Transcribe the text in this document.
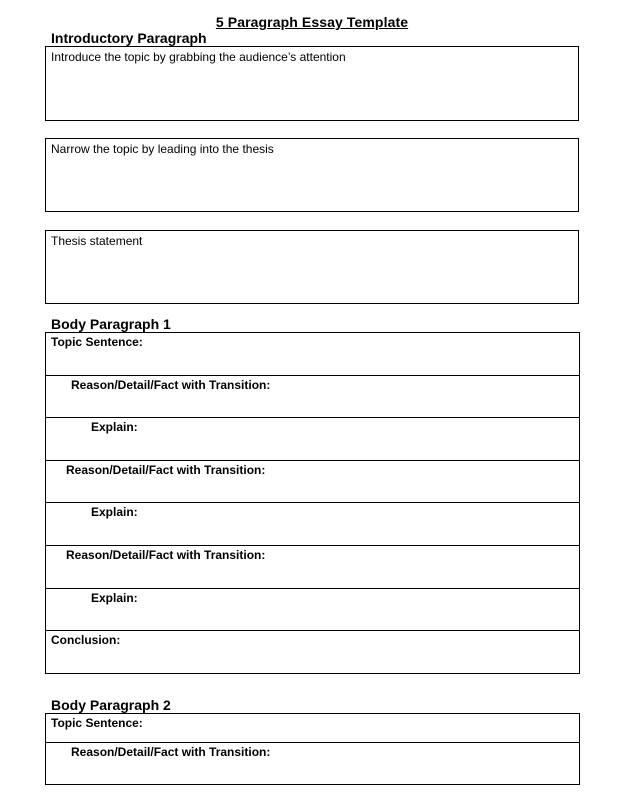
5 Paragraph Essay Template
Introductory Paragraph
Introduce the topic by grabbing the audience’s attention
Narrow the topic by leading into the thesis
Thesis statement
Body Paragraph 1
Topic Sentence:
Reason/Detail/Fact with Transition:
Explain:
Reason/Detail/Fact with Transition:
Explain:
Reason/Detail/Fact with Transition:
Explain:
Conclusion:
Body Paragraph 2
Topic Sentence:
Reason/Detail/Fact with Transition:
